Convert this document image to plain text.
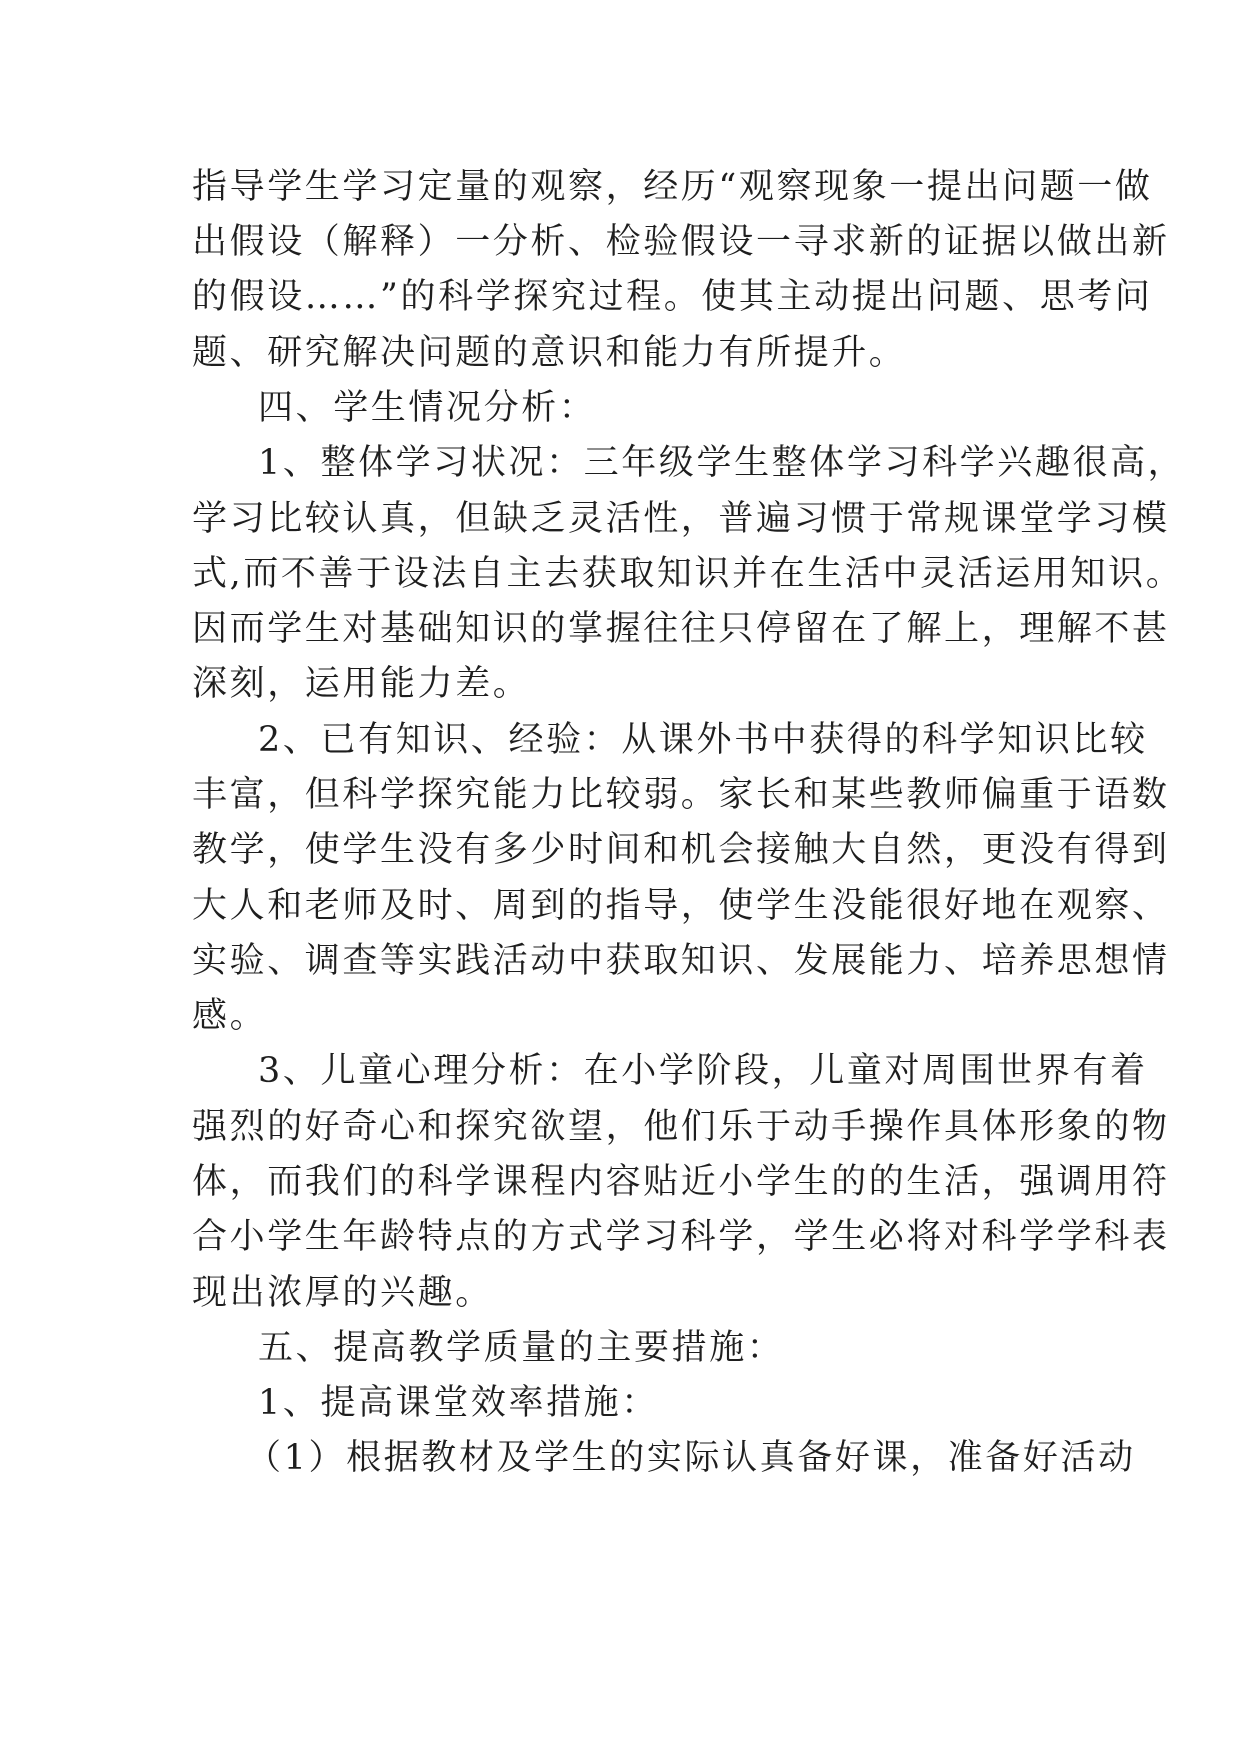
指导学生学习定量的观察，经历“观察现象一提出问题一做
出假设（解释）一分析、检验假设一寻求新的证据以做出新
的假设……”的科学探究过程。使其主动提出问题、思考问
题、研究解决问题的意识和能力有所提升。
四、学生情况分析：
1、整体学习状况：三年级学生整体学习科学兴趣很高，
学习比较认真，但缺乏灵活性，普遍习惯于常规课堂学习模
式,而不善于设法自主去获取知识并在生活中灵活运用知识。
因而学生对基础知识的掌握往往只停留在了解上，理解不甚
深刻，运用能力差。
2、已有知识、经验：从课外书中获得的科学知识比较
丰富，但科学探究能力比较弱。家长和某些教师偏重于语数
教学，使学生没有多少时间和机会接触大自然，更没有得到
大人和老师及时、周到的指导，使学生没能很好地在观察、
实验、调查等实践活动中获取知识、发展能力、培养思想情
感。
3、儿童心理分析：在小学阶段，儿童对周围世界有着
强烈的好奇心和探究欲望，他们乐于动手操作具体形象的物
体，而我们的科学课程内容贴近小学生的的生活，强调用符
合小学生年龄特点的方式学习科学，学生必将对科学学科表
现出浓厚的兴趣。
五、提高教学质量的主要措施：
1、提高课堂效率措施：
（1）根据教材及学生的实际认真备好课，准备好活动
